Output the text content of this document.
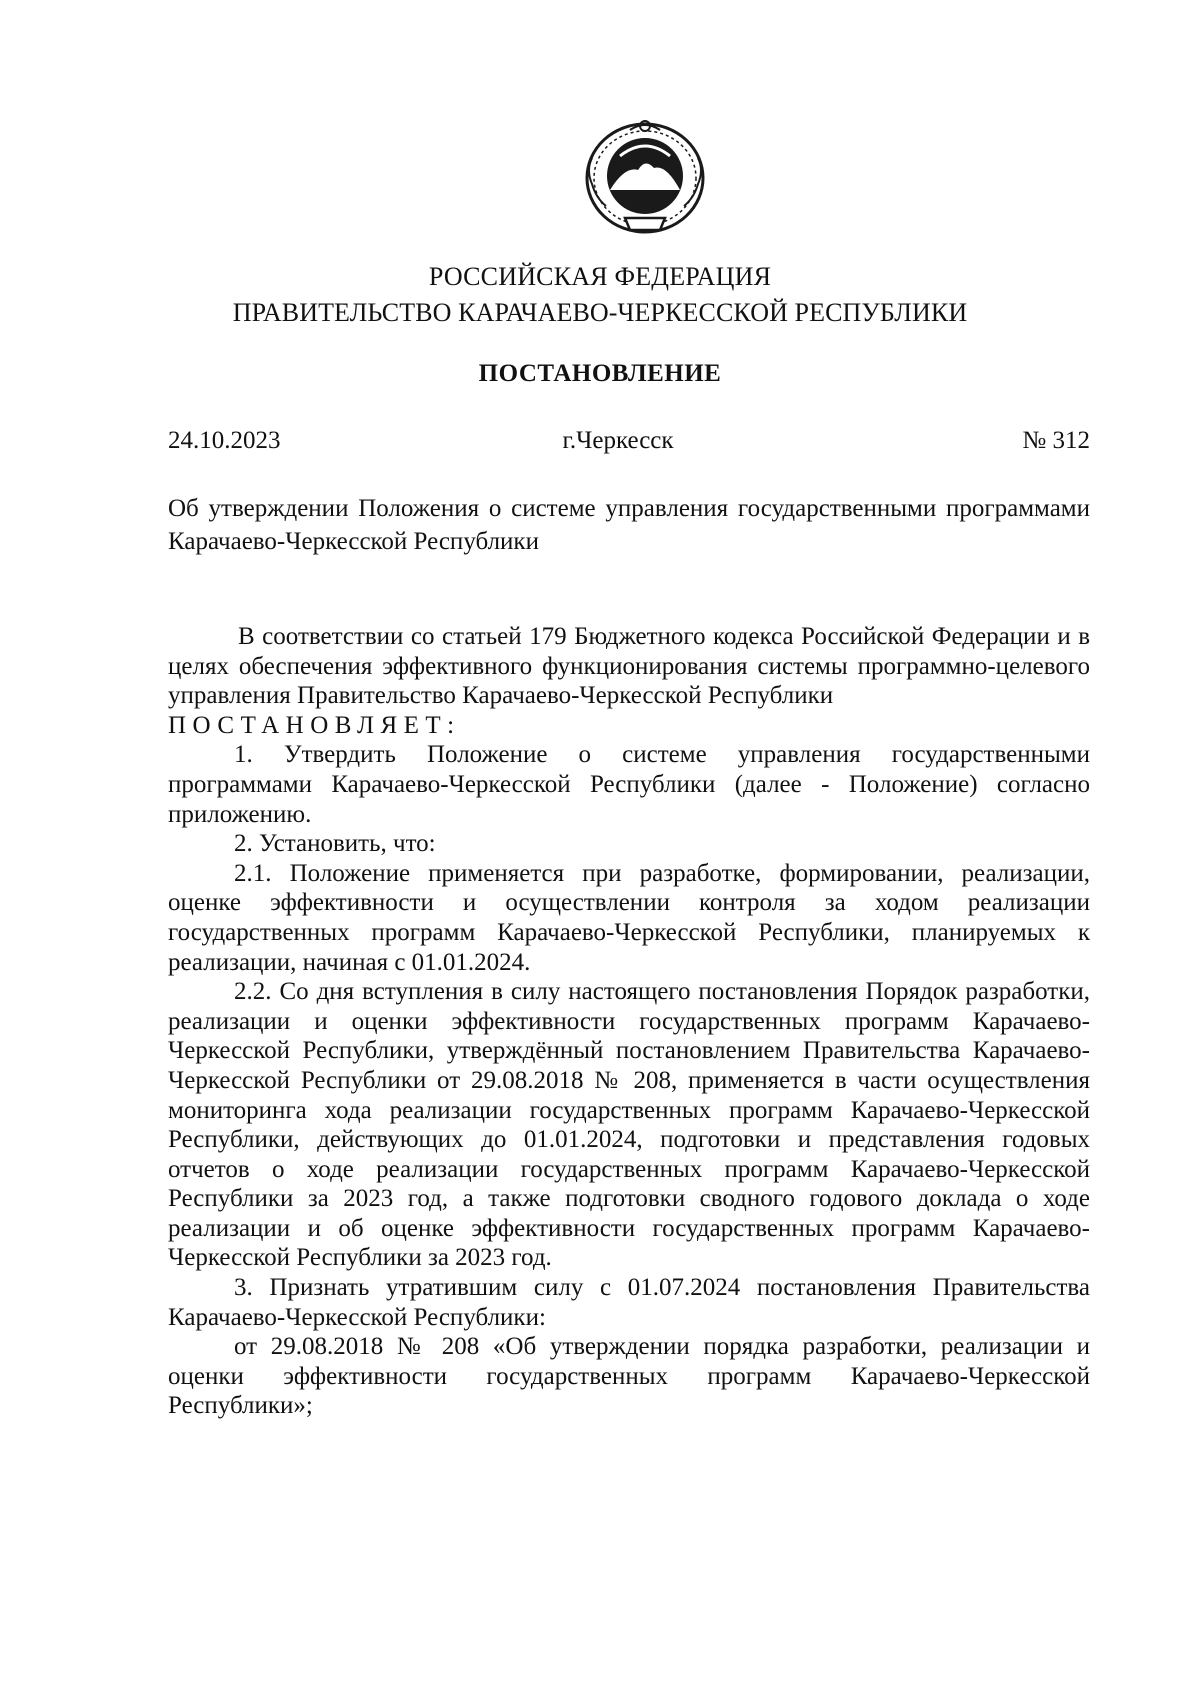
РОССИЙСКАЯ ФЕДЕРАЦИЯ
ПРАВИТЕЛЬСТВО КАРАЧАЕВО-ЧЕРКЕССКОЙ РЕСПУБЛИКИ
ПОСТАНОВЛЕНИЕ
24.10.2023	г.Черкесск	№ 312
Об утверждении Положения о системе управления государственными программами Карачаево-Черкесской Республики

В соответствии со статьей 179 Бюджетного кодекса Российской Федерации и в целях обеспечения эффективного функционирования системы программно-целевого управления Правительство Карачаево-Черкесской Республики

ПОСТАНОВЛЯЕТ:

1. Утвердить Положение о системе управления государственными программами Карачаево-Черкесской Республики (далее - Положение) согласно приложению.

2. Установить, что:

2.1. Положение применяется при разработке, формировании, реализации, оценке эффективности и осуществлении контроля за ходом реализации государственных программ Карачаево-Черкесской Республики, планируемых к реализации, начиная с 01.01.2024.

2.2. Со дня вступления в силу настоящего постановления Порядок разработки, реализации и оценки эффективности государственных программ Карачаево-Черкесской Республики, утверждённый постановлением Правительства Карачаево-Черкесской Республики от 29.08.2018 № 208, применяется в части осуществления мониторинга хода реализации государственных программ Карачаево-Черкесской Республики, действующих до 01.01.2024, подготовки и представления годовых отчетов о ходе реализации государственных программ Карачаево-Черкесской Республики за 2023 год, а также подготовки сводного годового доклада о ходе реализации и об оценке эффективности государственных программ Карачаево-Черкесской Республики за 2023 год.

3. Признать утратившим силу с 01.07.2024 постановления Правительства Карачаево-Черкесской Республики:

от 29.08.2018 № 208 «Об утверждении порядка разработки, реализации и оценки эффективности государственных программ Карачаево-Черкесской Республики»;
